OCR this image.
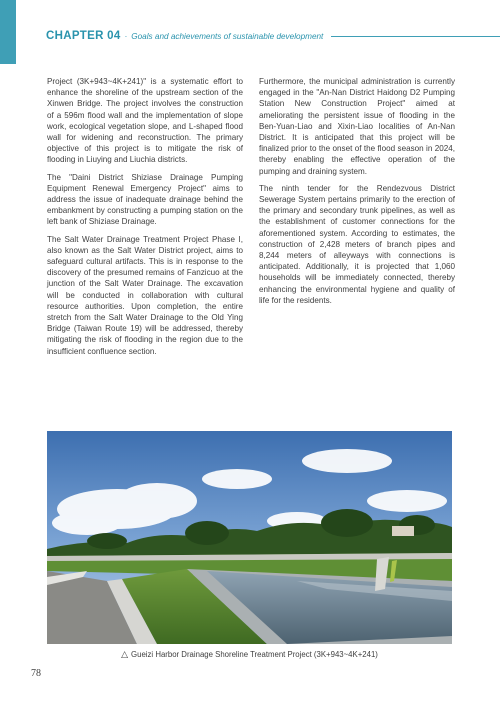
CHAPTER 04 · Goals and achievements of sustainable development

Project (3K+943~4K+241)" is a systematic effort to enhance the shoreline of the upstream section of the Xinwen Bridge. The project involves the construction of a 596m flood wall and the implementation of slope work, ecological vegetation slope, and L-shaped flood wall for widening and reconstruction. The primary objective of this project is to mitigate the risk of flooding in Liuying and Liuchia districts.

The "Daini District Shiziase Drainage Pumping Equipment Renewal Emergency Project" aims to address the issue of inadequate drainage behind the embankment by constructing a pumping station on the left bank of Shiziase Drainage.

The Salt Water Drainage Treatment Project Phase I, also known as the Salt Water District project, aims to safeguard cultural artifacts. This is in response to the discovery of the presumed remains of Fanzicuo at the junction of the Salt Water Drainage. The excavation will be conducted in collaboration with cultural resource authorities. Upon completion, the entire stretch from the Salt Water Drainage to the Old Ying Bridge (Taiwan Route 19) will be addressed, thereby mitigating the risk of flooding in the region due to the insufficient confluence section.

Furthermore, the municipal administration is currently engaged in the "An-Nan District Haidong D2 Pumping Station New Construction Project" aimed at ameliorating the persistent issue of flooding in the Ben-Yuan-Liao and Xixin-Liao localities of An-Nan District. It is anticipated that this project will be finalized prior to the onset of the flood season in 2024, thereby enabling the effective operation of the pumping and draining system.

The ninth tender for the Rendezvous District Sewerage System pertains primarily to the erection of the primary and secondary trunk pipelines, as well as the establishment of customer connections for the aforementioned system. According to estimates, the construction of 2,428 meters of branch pipes and 8,244 meters of alleyways with connections is anticipated. Additionally, it is projected that 1,060 households will be immediately connected, thereby enhancing the environmental hygiene and quality of life for the residents.

△ Gueizi Harbor Drainage Shoreline Treatment Project (3K+943~4K+241)
78
